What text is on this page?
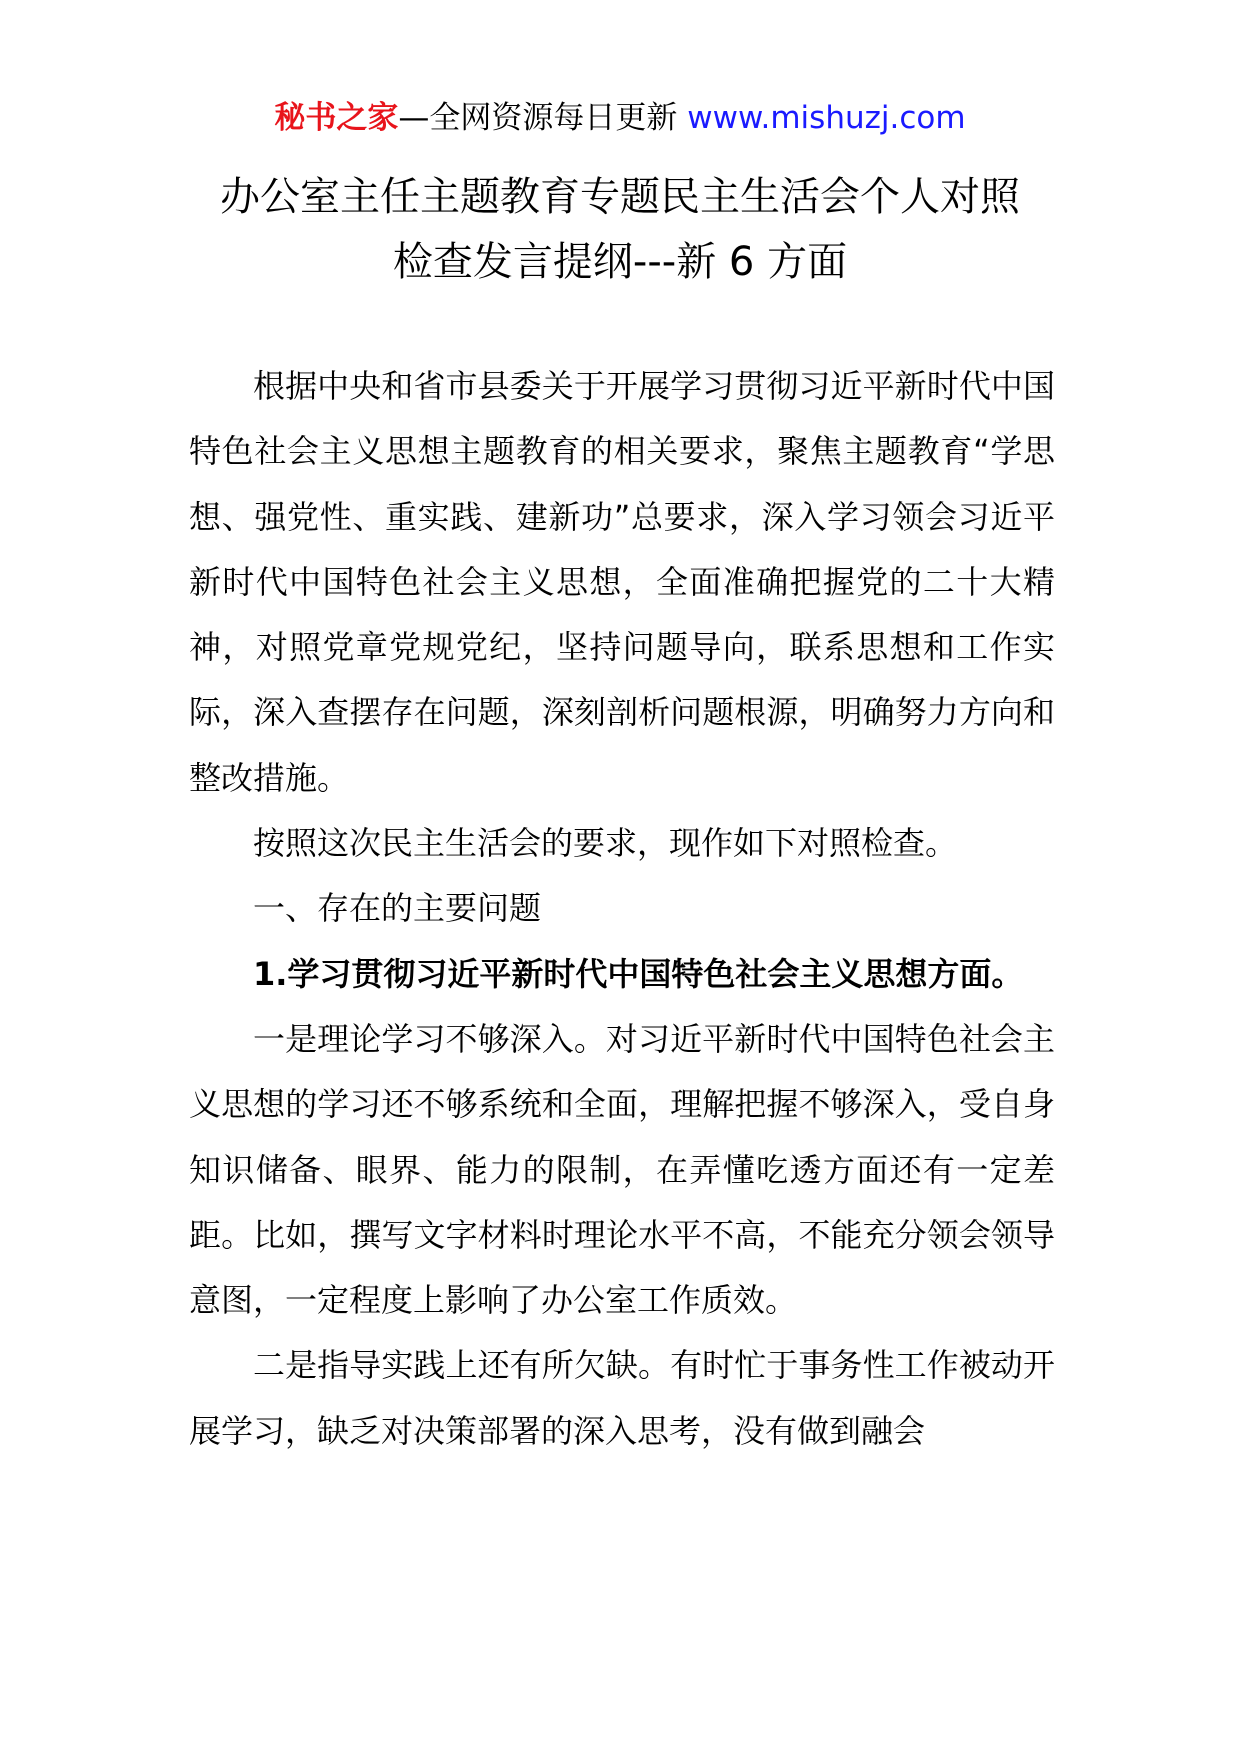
秘书之家—全网资源每日更新 www.mishuzj.com
办公室主任主题教育专题民主生活会个人对照
检查发言提纲---新 6 方面

根据中央和省市县委关于开展学习贯彻习近平新时代中国特色社会主义思想主题教育的相关要求，聚焦主题教育“学思想、强党性、重实践、建新功”总要求，深入学习领会习近平新时代中国特色社会主义思想，全面准确把握党的二十大精神，对照党章党规党纪，坚持问题导向，联系思想和工作实际，深入查摆存在问题，深刻剖析问题根源，明确努力方向和整改措施。

按照这次民主生活会的要求，现作如下对照检查。

一、存在的主要问题

1.学习贯彻习近平新时代中国特色社会主义思想方面。

一是理论学习不够深入。对习近平新时代中国特色社会主义思想的学习还不够系统和全面，理解把握不够深入，受自身知识储备、眼界、能力的限制，在弄懂吃透方面还有一定差距。比如，撰写文字材料时理论水平不高，不能充分领会领导意图，一定程度上影响了办公室工作质效。

二是指导实践上还有所欠缺。有时忙于事务性工作被动开展学习，缺乏对决策部署的深入思考，没有做到融会
